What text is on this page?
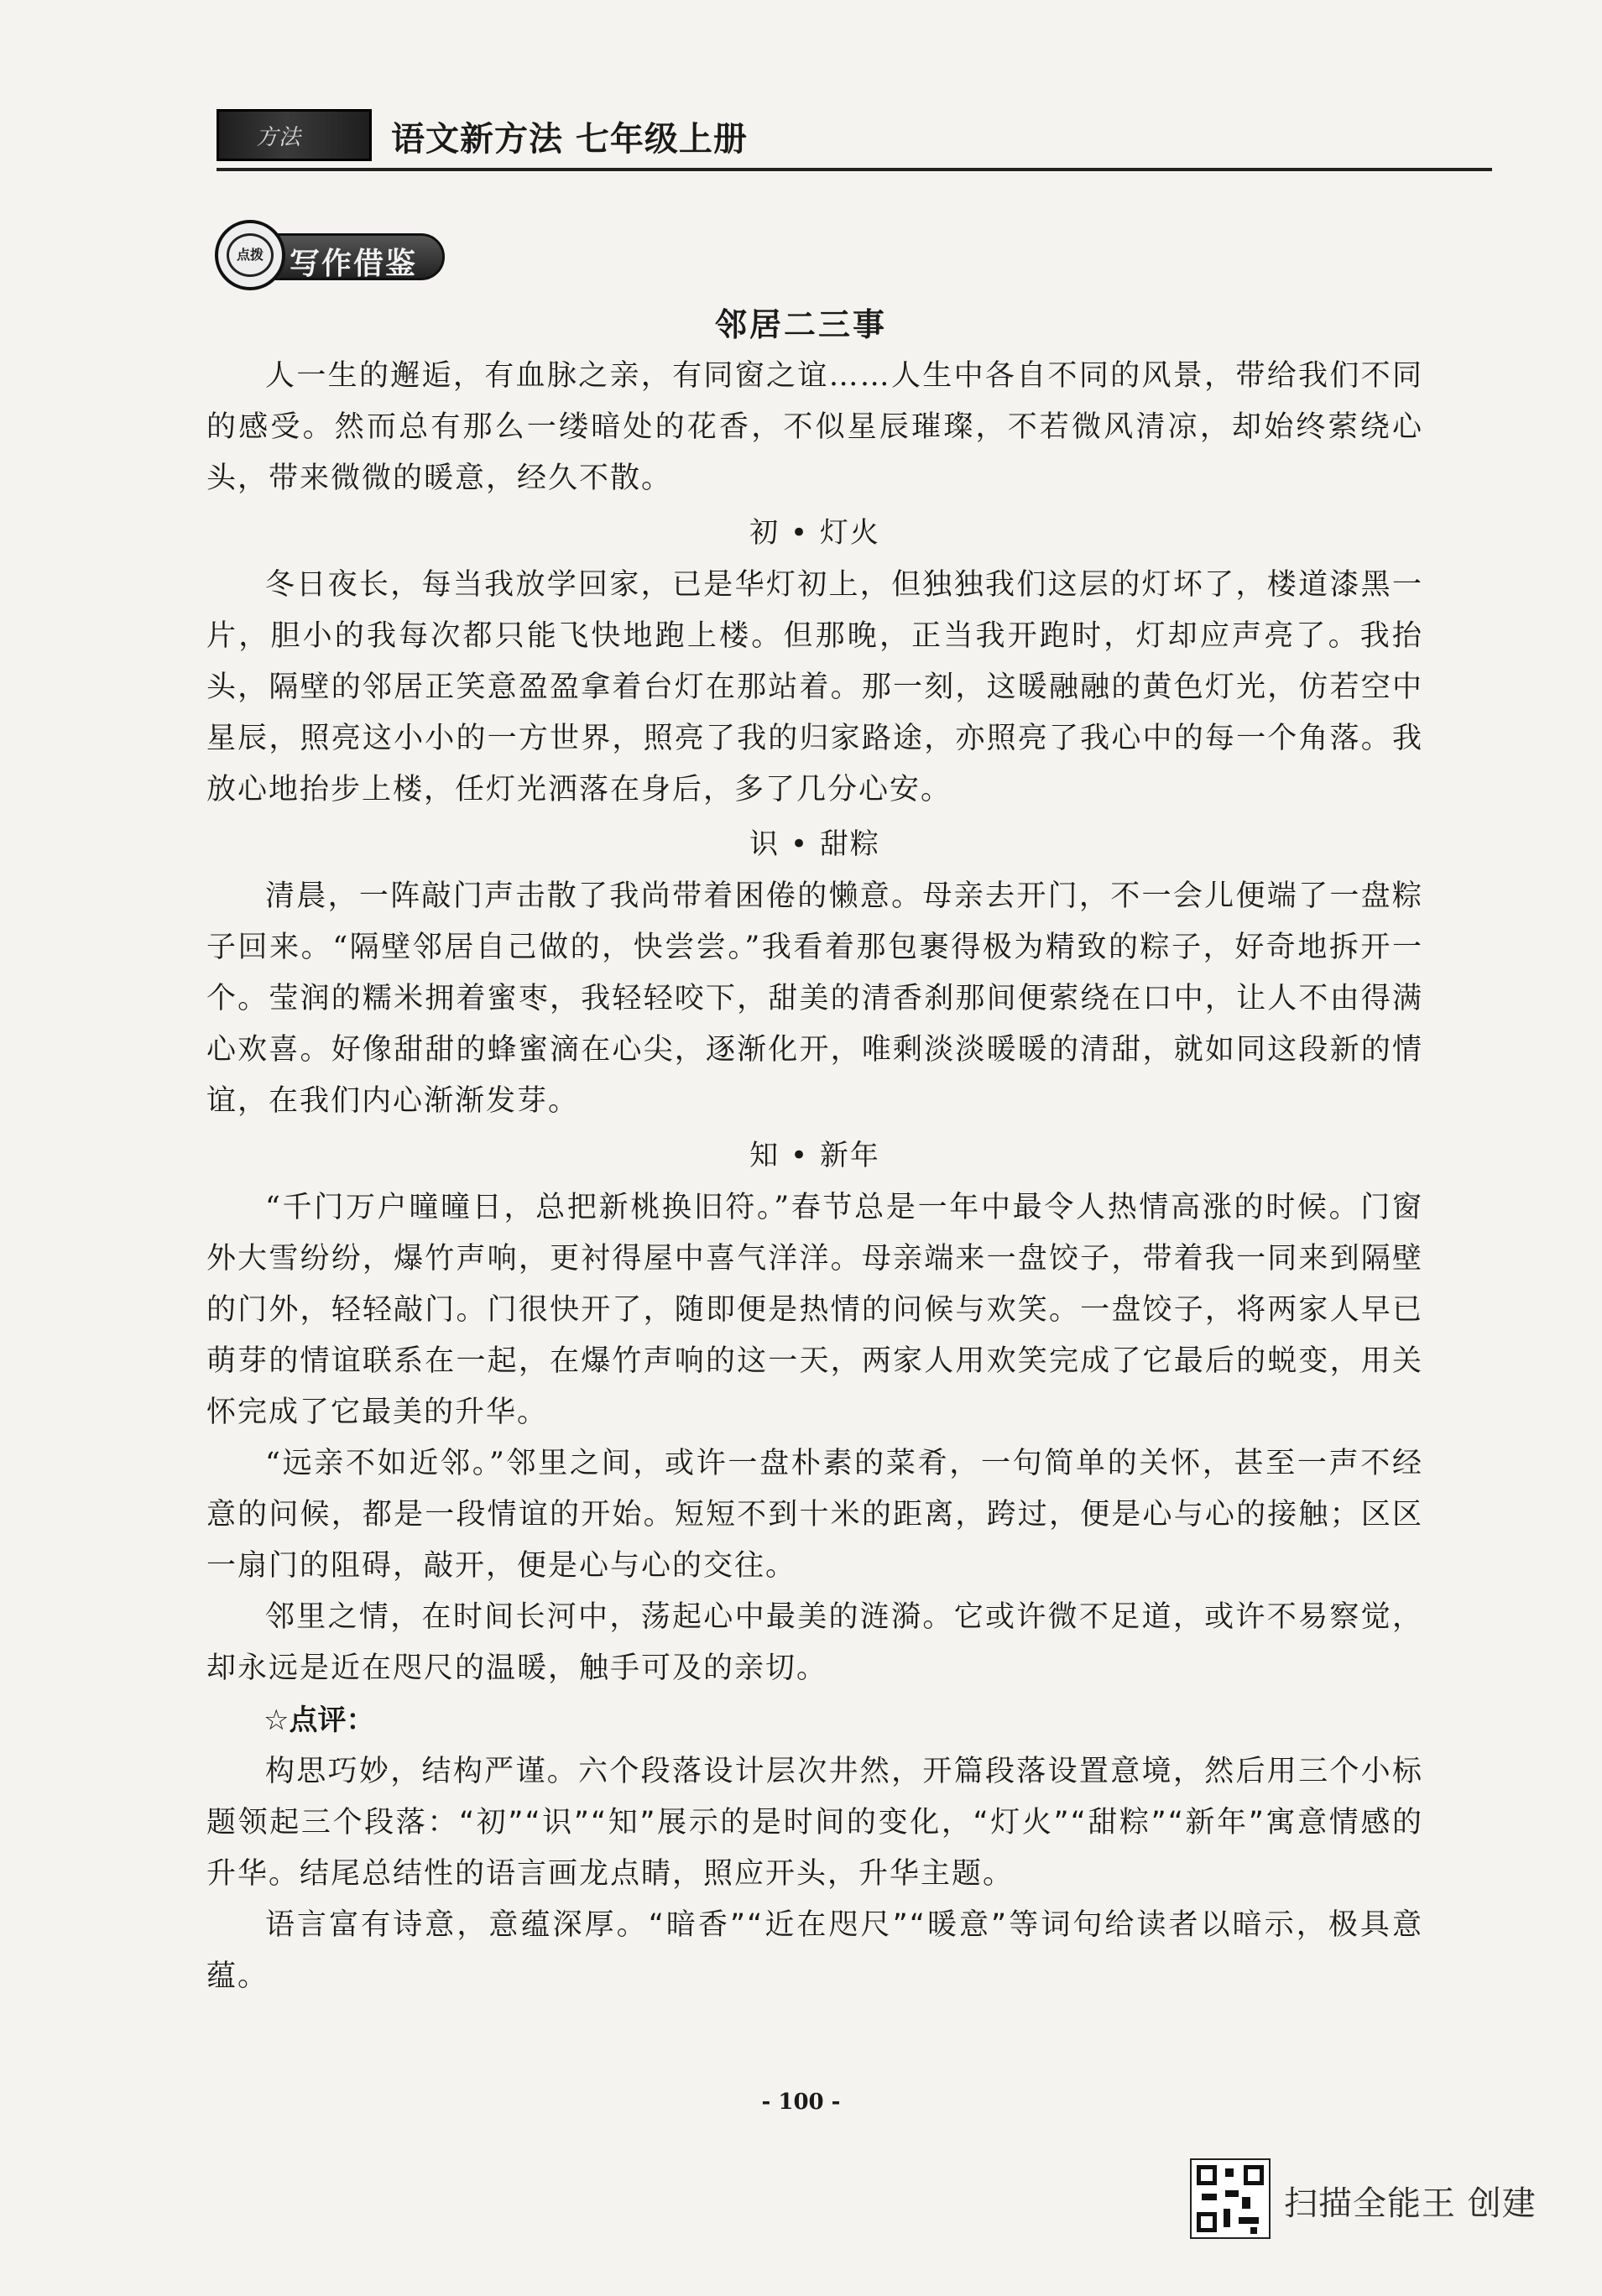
方法	语文新方法 七年级上册
写作借鉴
点拨
邻居二三事

人一生的邂逅，有血脉之亲，有同窗之谊……人生中各自不同的风景，带给我们不同的感受。然而总有那么一缕暗处的花香，不似星辰璀璨，不若微风清凉，却始终萦绕心头，带来微微的暖意，经久不散。

初 • 灯火

冬日夜长，每当我放学回家，已是华灯初上，但独独我们这层的灯坏了，楼道漆黑一片，胆小的我每次都只能飞快地跑上楼。但那晚，正当我开跑时，灯却应声亮了。我抬头，隔壁的邻居正笑意盈盈拿着台灯在那站着。那一刻，这暖融融的黄色灯光，仿若空中星辰，照亮这小小的一方世界，照亮了我的归家路途，亦照亮了我心中的每一个角落。我放心地抬步上楼，任灯光洒落在身后，多了几分心安。

识 • 甜粽

清晨，一阵敲门声击散了我尚带着困倦的懒意。母亲去开门，不一会儿便端了一盘粽子回来。“隔壁邻居自己做的，快尝尝。”我看着那包裹得极为精致的粽子，好奇地拆开一个。莹润的糯米拥着蜜枣，我轻轻咬下，甜美的清香刹那间便萦绕在口中，让人不由得满心欢喜。好像甜甜的蜂蜜滴在心尖，逐渐化开，唯剩淡淡暖暖的清甜，就如同这段新的情谊，在我们内心渐渐发芽。

知 • 新年

“千门万户曈曈日，总把新桃换旧符。”春节总是一年中最令人热情高涨的时候。门窗外大雪纷纷，爆竹声响，更衬得屋中喜气洋洋。母亲端来一盘饺子，带着我一同来到隔壁的门外，轻轻敲门。门很快开了，随即便是热情的问候与欢笑。一盘饺子，将两家人早已萌芽的情谊联系在一起，在爆竹声响的这一天，两家人用欢笑完成了它最后的蜕变，用关怀完成了它最美的升华。

“远亲不如近邻。”邻里之间，或许一盘朴素的菜肴，一句简单的关怀，甚至一声不经意的问候，都是一段情谊的开始。短短不到十米的距离，跨过，便是心与心的接触；区区一扇门的阻碍，敲开，便是心与心的交往。

邻里之情，在时间长河中，荡起心中最美的涟漪。它或许微不足道，或许不易察觉，却永远是近在咫尺的温暖，触手可及的亲切。

☆点评：

构思巧妙，结构严谨。六个段落设计层次井然，开篇段落设置意境，然后用三个小标题领起三个段落：“初”“识”“知”展示的是时间的变化，“灯火”“甜粽”“新年”寓意情感的升华。结尾总结性的语言画龙点睛，照应开头，升华主题。

语言富有诗意，意蕴深厚。“暗香”“近在咫尺”“暖意”等词句给读者以暗示，极具意蕴。

- 100 -
扫描全能王 创建
